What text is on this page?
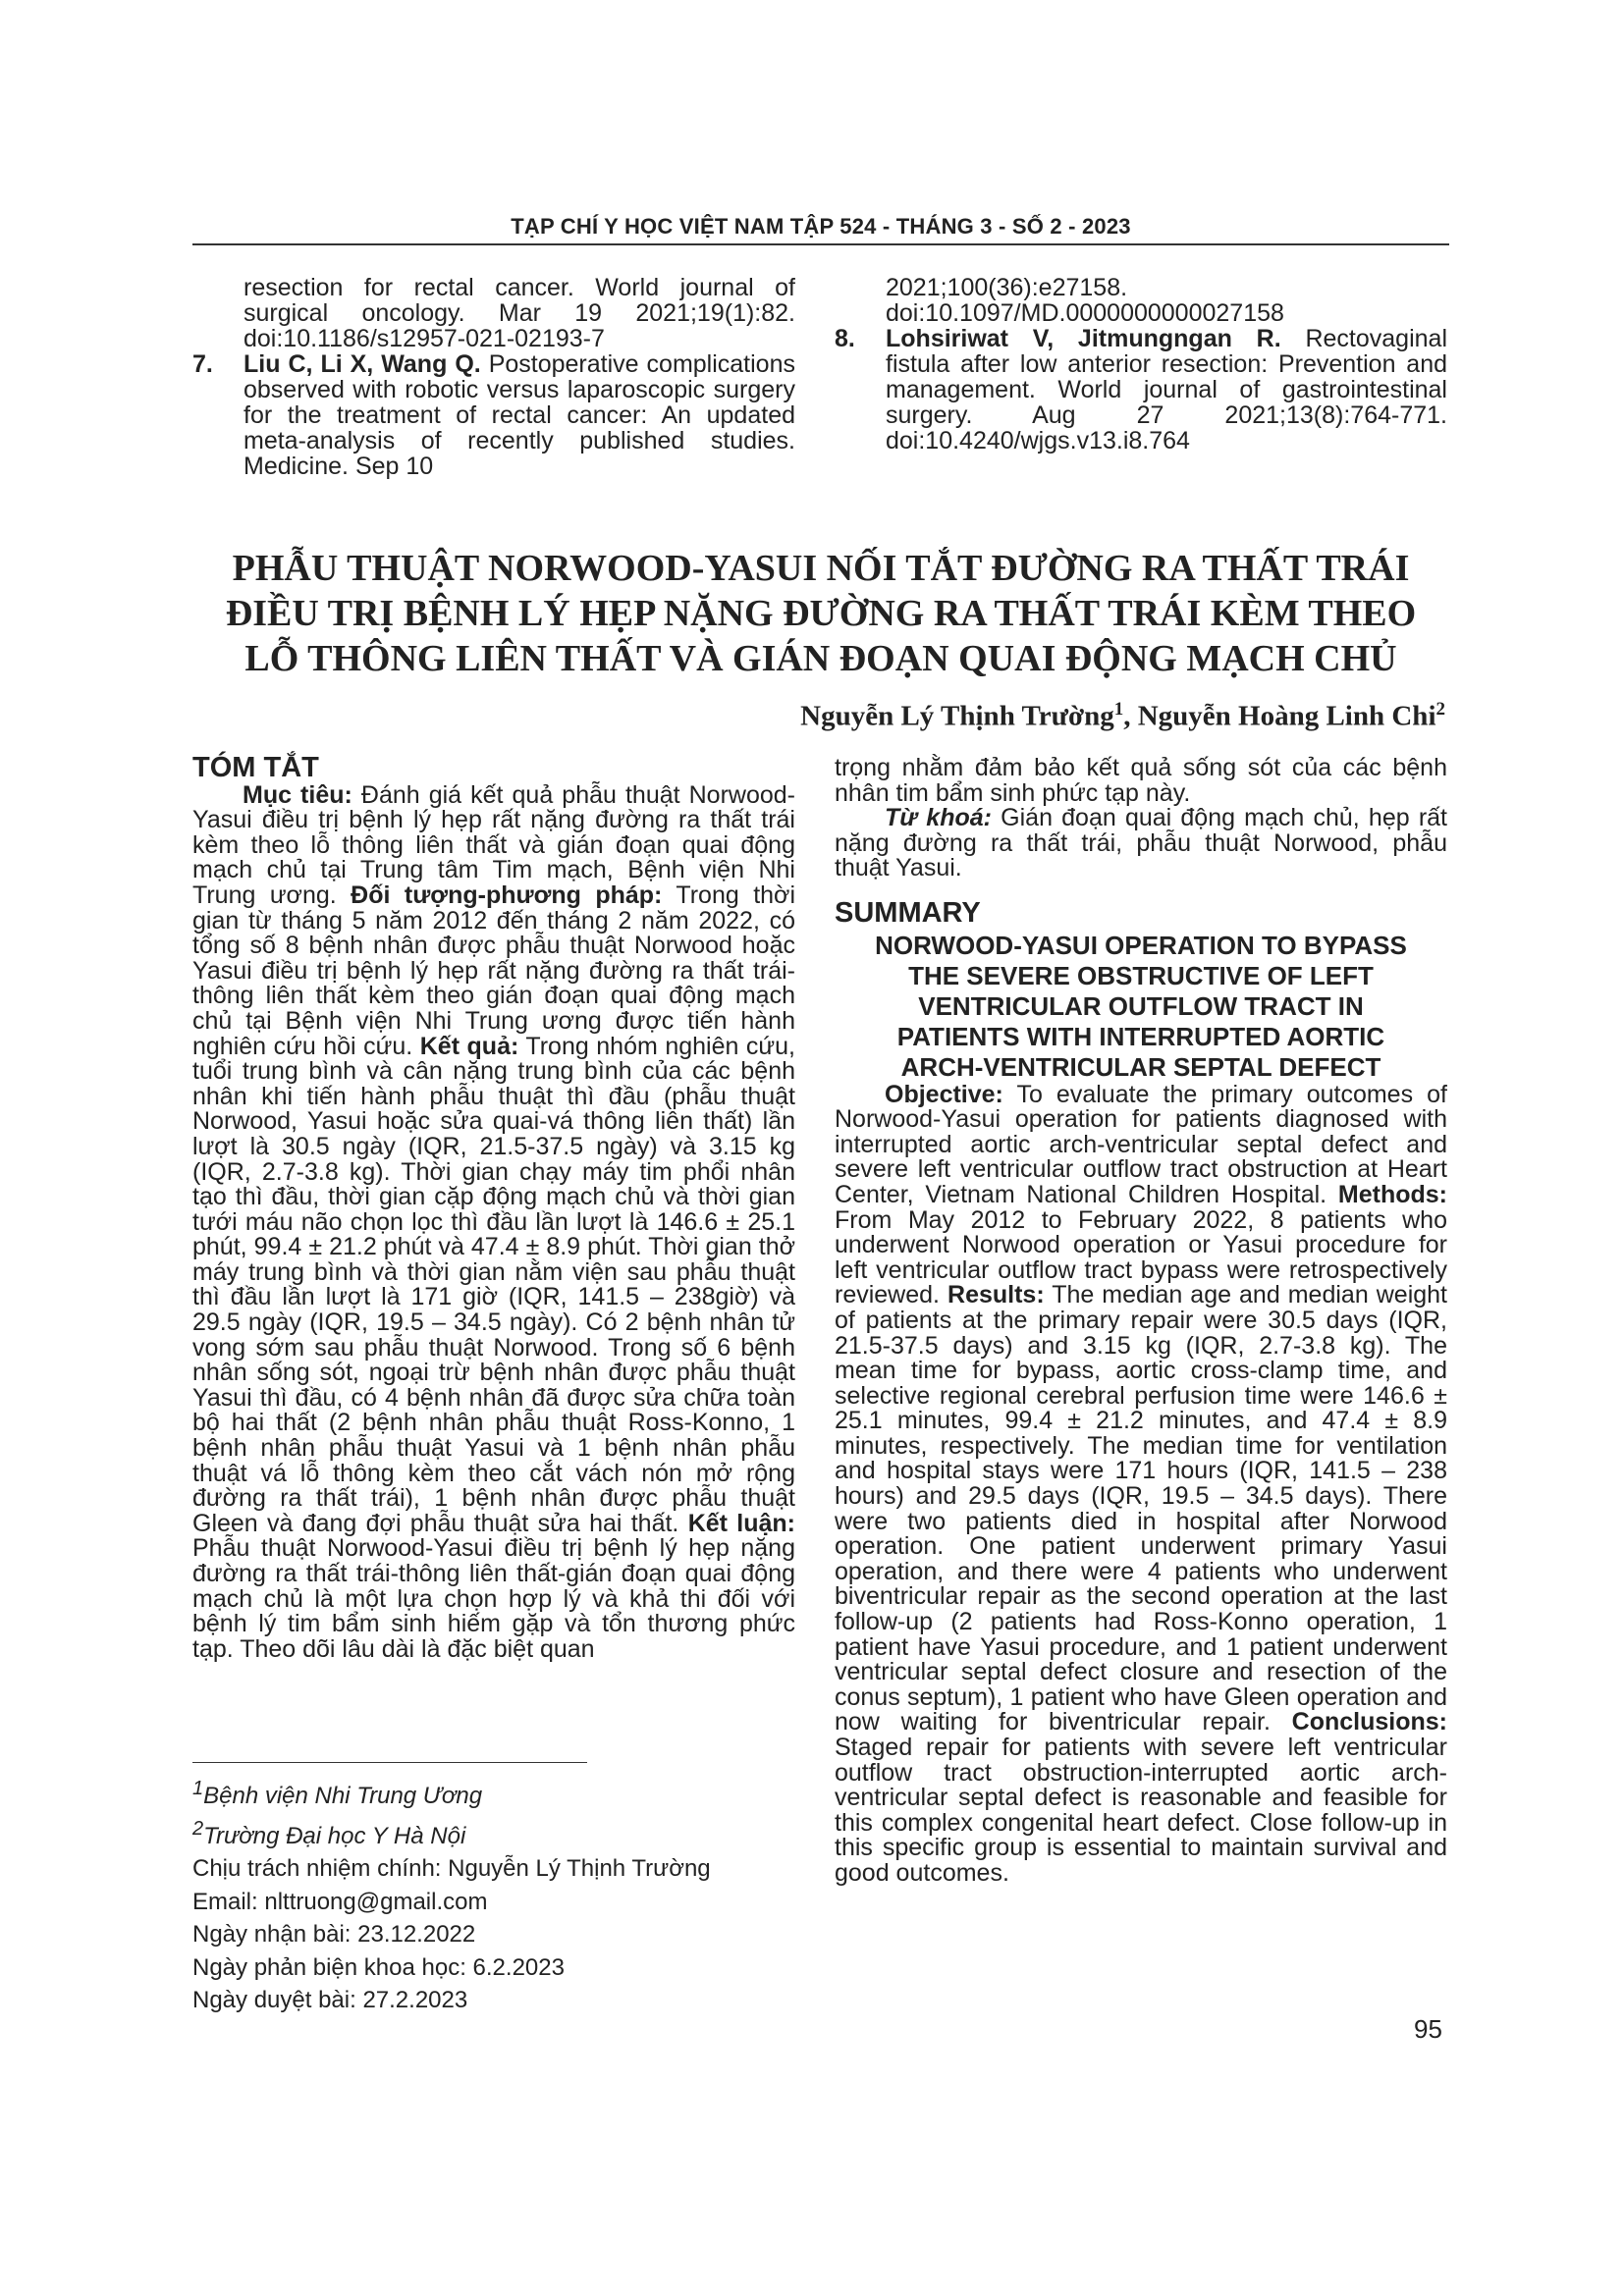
TẠP CHÍ Y HỌC VIỆT NAM TẬP 524 - THÁNG 3 - SỐ 2 - 2023

resection for rectal cancer. World journal of surgical oncology. Mar 19 2021;19(1):82. doi:10.1186/s12957-021-02193-7

7. Liu C, Li X, Wang Q. Postoperative complications observed with robotic versus laparoscopic surgery for the treatment of rectal cancer: An updated meta-analysis of recently published studies. Medicine. Sep 10

2021;100(36):e27158. doi:10.1097/MD.0000000000027158

8. Lohsiriwat V, Jitmungngan R. Rectovaginal fistula after low anterior resection: Prevention and management. World journal of gastrointestinal surgery. Aug 27 2021;13(8):764-771. doi:10.4240/wjgs.v13.i8.764

PHẪU THUẬT NORWOOD-YASUI NỐI TẮT ĐƯỜNG RA THẤT TRÁI
ĐIỀU TRỊ BỆNH LÝ HẸP NẶNG ĐƯỜNG RA THẤT TRÁI KÈM THEO
LỖ THÔNG LIÊN THẤT VÀ GIÁN ĐOẠN QUAI ĐỘNG MẠCH CHỦ
Nguyễn Lý Thịnh Trường$^1$, Nguyễn Hoàng Linh Chi$^2$
TÓM TẮT

Mục tiêu: Đánh giá kết quả phẫu thuật Norwood-Yasui điều trị bệnh lý hẹp rất nặng đường ra thất trái kèm theo lỗ thông liên thất và gián đoạn quai động mạch chủ tại Trung tâm Tim mạch, Bệnh viện Nhi Trung ương. Đối tượng-phương pháp: Trong thời gian từ tháng 5 năm 2012 đến tháng 2 năm 2022, có tổng số 8 bệnh nhân được phẫu thuật Norwood hoặc Yasui điều trị bệnh lý hẹp rất nặng đường ra thất trái-thông liên thất kèm theo gián đoạn quai động mạch chủ tại Bệnh viện Nhi Trung ương được tiến hành nghiên cứu hồi cứu. Kết quả: Trong nhóm nghiên cứu, tuổi trung bình và cân nặng trung bình của các bệnh nhân khi tiến hành phẫu thuật thì đầu (phẫu thuật Norwood, Yasui hoặc sửa quai-vá thông liên thất) lần lượt là 30.5 ngày (IQR, 21.5-37.5 ngày) và 3.15 kg (IQR, 2.7-3.8 kg). Thời gian chạy máy tim phổi nhân tạo thì đầu, thời gian cặp động mạch chủ và thời gian tưới máu não chọn lọc thì đầu lần lượt là 146.6 ± 25.1 phút, 99.4 ± 21.2 phút và 47.4 ± 8.9 phút. Thời gian thở máy trung bình và thời gian nằm viện sau phẫu thuật thì đầu lần lượt là 171 giờ (IQR, 141.5 – 238giờ) và 29.5 ngày (IQR, 19.5 – 34.5 ngày). Có 2 bệnh nhân tử vong sớm sau phẫu thuật Norwood. Trong số 6 bệnh nhân sống sót, ngoại trừ bệnh nhân được phẫu thuật Yasui thì đầu, có 4 bệnh nhân đã được sửa chữa toàn bộ hai thất (2 bệnh nhân phẫu thuật Ross-Konno, 1 bệnh nhân phẫu thuật Yasui và 1 bệnh nhân phẫu thuật vá lỗ thông kèm theo cắt vách nón mở rộng đường ra thất trái), 1 bệnh nhân được phẫu thuật Gleen và đang đợi phẫu thuật sửa hai thất. Kết luận: Phẫu thuật Norwood-Yasui điều trị bệnh lý hẹp nặng đường ra thất trái-thông liên thất-gián đoạn quai động mạch chủ là một lựa chọn hợp lý và khả thi đối với bệnh lý tim bẩm sinh hiếm gặp và tổn thương phức tạp. Theo dõi lâu dài là đặc biệt quan

trọng nhằm đảm bảo kết quả sống sót của các bệnh nhân tim bẩm sinh phức tạp này.

Từ khoá: Gián đoạn quai động mạch chủ, hẹp rất nặng đường ra thất trái, phẫu thuật Norwood, phẫu thuật Yasui.

SUMMARY
NORWOOD-YASUI OPERATION TO BYPASS
THE SEVERE OBSTRUCTIVE OF LEFT
VENTRICULAR OUTFLOW TRACT IN
PATIENTS WITH INTERRUPTED AORTIC
ARCH-VENTRICULAR SEPTAL DEFECT

Objective: To evaluate the primary outcomes of Norwood-Yasui operation for patients diagnosed with interrupted aortic arch-ventricular septal defect and severe left ventricular outflow tract obstruction at Heart Center, Vietnam National Children Hospital. Methods: From May 2012 to February 2022, 8 patients who underwent Norwood operation or Yasui procedure for left ventricular outflow tract bypass were retrospectively reviewed. Results: The median age and median weight of patients at the primary repair were 30.5 days (IQR, 21.5-37.5 days) and 3.15 kg (IQR, 2.7-3.8 kg). The mean time for bypass, aortic cross-clamp time, and selective regional cerebral perfusion time were 146.6 ± 25.1 minutes, 99.4 ± 21.2 minutes, and 47.4 ± 8.9 minutes, respectively. The median time for ventilation and hospital stays were 171 hours (IQR, 141.5 – 238 hours) and 29.5 days (IQR, 19.5 – 34.5 days). There were two patients died in hospital after Norwood operation. One patient underwent primary Yasui operation, and there were 4 patients who underwent biventricular repair as the second operation at the last follow-up (2 patients had Ross-Konno operation, 1 patient have Yasui procedure, and 1 patient underwent ventricular septal defect closure and resection of the conus septum), 1 patient who have Gleen operation and now waiting for biventricular repair. Conclusions: Staged repair for patients with severe left ventricular outflow tract obstruction-interrupted aortic arch-ventricular septal defect is reasonable and feasible for this complex congenital heart defect. Close follow-up in this specific group is essential to maintain survival and good outcomes.

$^1$Bệnh viện Nhi Trung Ương
$^2$Trường Đại học Y Hà Nội
Chịu trách nhiệm chính: Nguyễn Lý Thịnh Trường
Email: nlttruong@gmail.com
Ngày nhận bài: 23.12.2022
Ngày phản biện khoa học: 6.2.2023
Ngày duyệt bài: 27.2.2023
95
